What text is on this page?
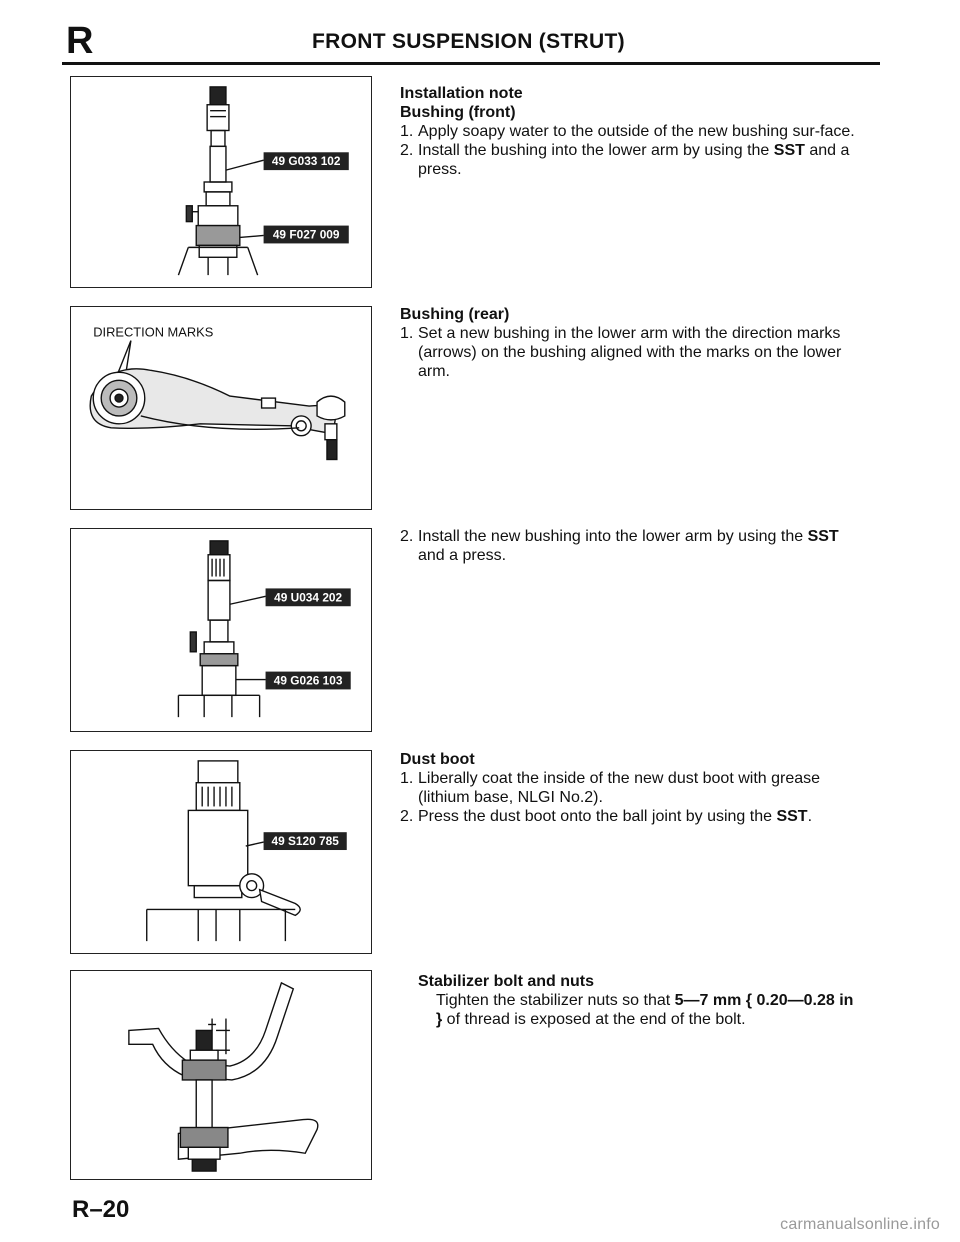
R	FRONT SUSPENSION (STRUT)
49 G033 102
49 F027 009
DIRECTION MARKS
49 U034 202
49 G026 103
49 S120 785
Installation note
Bushing (front)
1. Apply soapy water to the outside of the new bushing sur-face.
2. Install the bushing into the lower arm by using the SST and a press.
Bushing (rear)
1. Set a new bushing in the lower arm with the direction marks (arrows) on the bushing aligned with the marks on the lower arm.
2. Install the new bushing into the lower arm by using the SST and a press.
Dust boot
1. Liberally coat the inside of the new dust boot with grease (lithium base, NLGI No.2).
2. Press the dust boot onto the ball joint by using the SST.
Stabilizer bolt and nuts
Tighten the stabilizer nuts so that 5—7 mm { 0.20—0.28 in } of thread is exposed at the end of the bolt.
R–20
carmanualsonline.info
